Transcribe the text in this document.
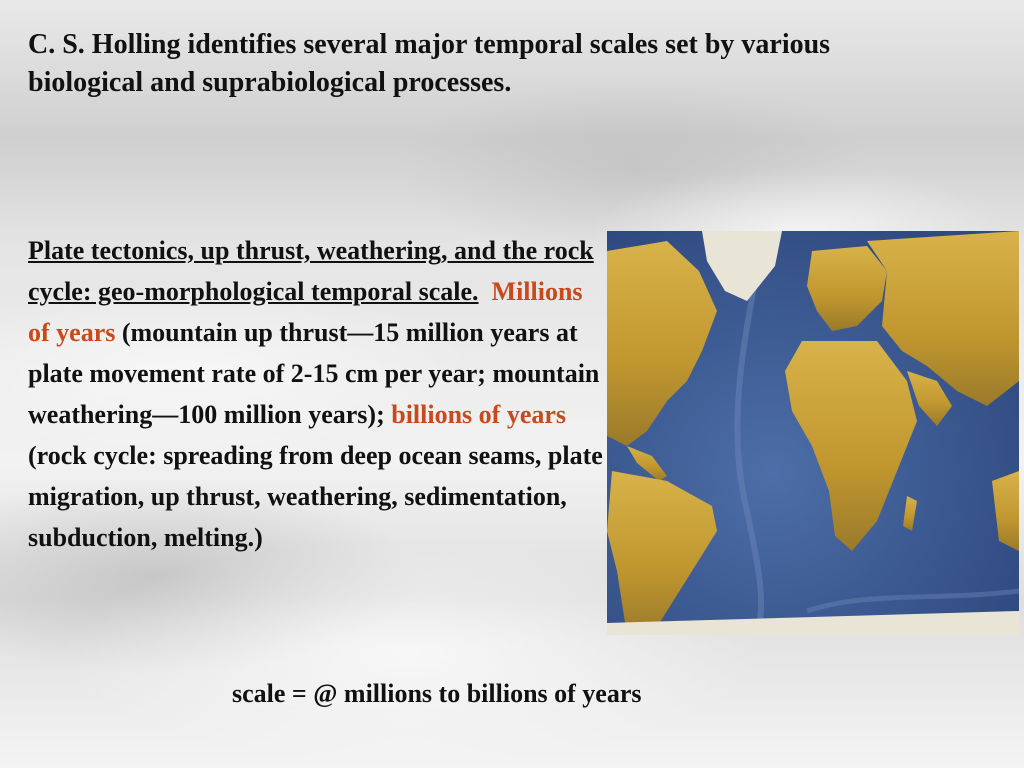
C. S. Holling identifies several major temporal scales set by various biological and suprabiological processes.

Plate tectonics, up thrust, weathering, and the rock cycle: geo-morphological temporal scale. Millions of years (mountain up thrust—15 million years at plate movement rate of 2-15 cm per year; mountain weathering—100 million years); billions of years (rock cycle: spreading from deep ocean seams, plate migration, up thrust, weathering, sedimentation, subduction, melting.)

scale = @ millions to billions of years
